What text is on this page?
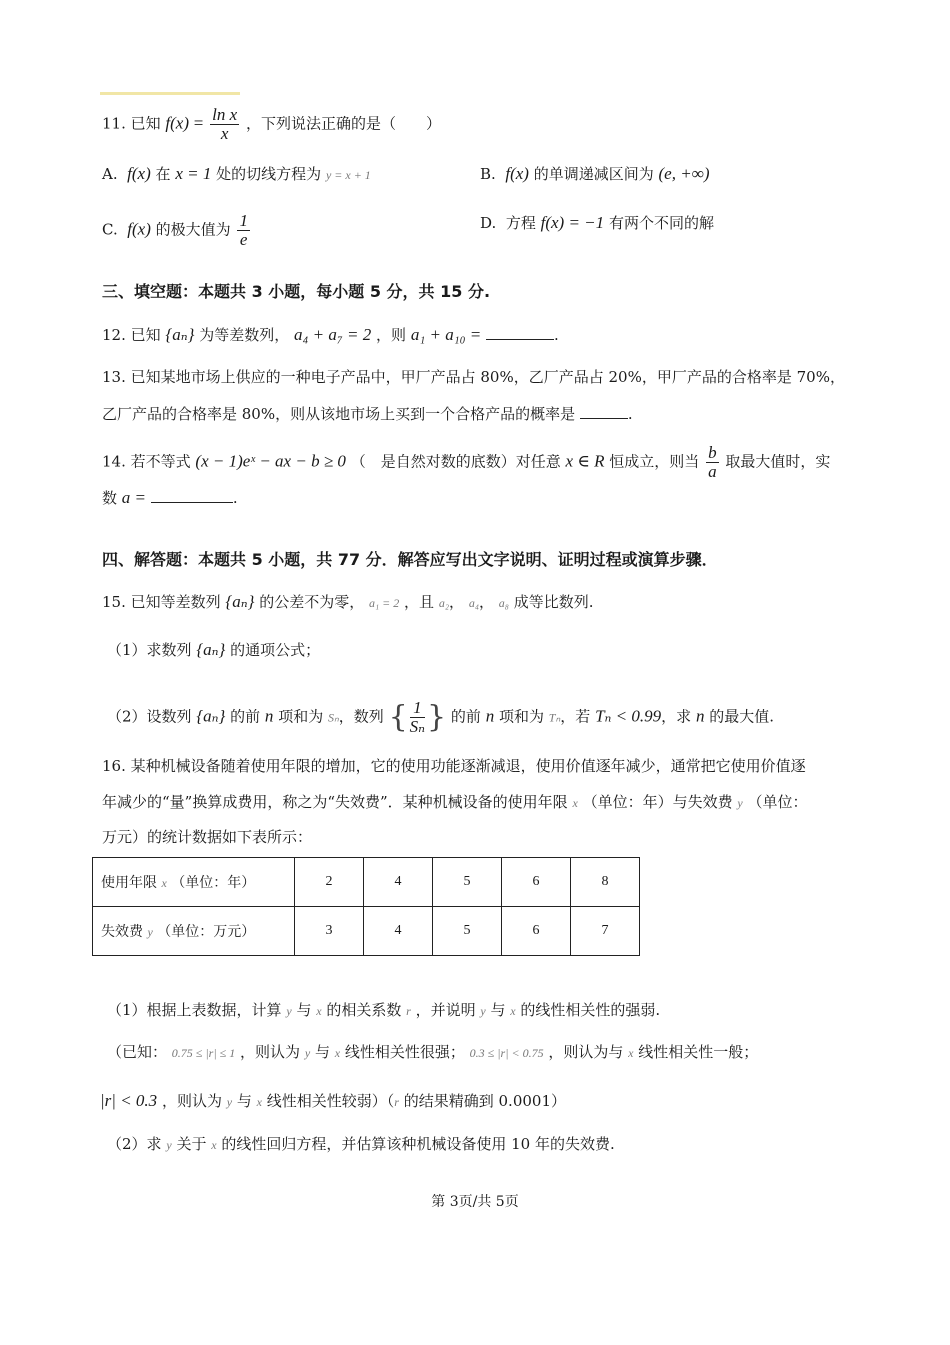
11. 已知 $f(x) = \frac{\text{ln x}}{x}$ ，下列说法正确的是（　　）
A. f(x) 在 x = 1 处的切线方程为 y = x + 1	B. f(x) 的单调递减区间为 (e, +∞)
C. f(x) 的极大值为 $\frac{1}{e}$	D. 方程 f(x) = −1 有两个不同的解
三、填空题：本题共 3 小题，每小题 5 分，共 15 分.
12. 已知 {aₙ} 为等差数列， a₄ + a₇ = 2 ，则 a₁ + a₁₀ =	.
13. 已知某地市场上供应的一种电子产品中，甲厂产品占 80%，乙厂产品占 20%，甲厂产品的合格率是 70%，
乙厂产品的合格率是 80%，则从该地市场上买到一个合格产品的概率是	.
14. 若不等式 (x − 1)eˣ − ax − b ≥ 0 （　是自然对数的底数）对任意 x ∈ R 恒成立，则当 $\frac{b}{a}$ 取最大值时，实
数 a =	.
四、解答题：本题共 5 小题，共 77 分．解答应写出文字说明、证明过程或演算步骤．
15. 已知等差数列 {aₙ} 的公差不为零， a₁ = 2 ，且 a₂， a₄， a₈ 成等比数列.
（1）求数列 {aₙ} 的通项公式；
（2）设数列 {aₙ} 的前 n 项和为 Sₙ，数列 { $\frac{1}{\text{Sₙ}}$ } 的前 n 项和为 Tₙ，若 Tₙ < 0.99，求 n 的最大值.
16. 某种机械设备随着使用年限的增加，它的使用功能逐渐减退，使用价值逐年减少，通常把它使用价值逐
年减少的“量”换算成费用，称之为“失效费”．某种机械设备的使用年限 x （单位：年）与失效费 y （单位：
万元）的统计数据如下表所示：
使用年限 x （单位：年）	2	4	5	6	8
失效费 y （单位：万元）	3	4	5	6	7
（1）根据上表数据，计算 y 与 x 的相关系数 r ，并说明 y 与 x 的线性相关性的强弱.
（已知： 0.75 ≤ |r| ≤ 1 ，则认为 y 与 x 线性相关性很强； 0.3 ≤ |r| < 0.75 ，则认为与 x 线性相关性一般；
|r| < 0.3 ，则认为 y 与 x 线性相关性较弱）（r 的结果精确到 0.0001）
（2）求 y 关于 x 的线性回归方程，并估算该种机械设备使用 10 年的失效费.
第 3页/共 5页
